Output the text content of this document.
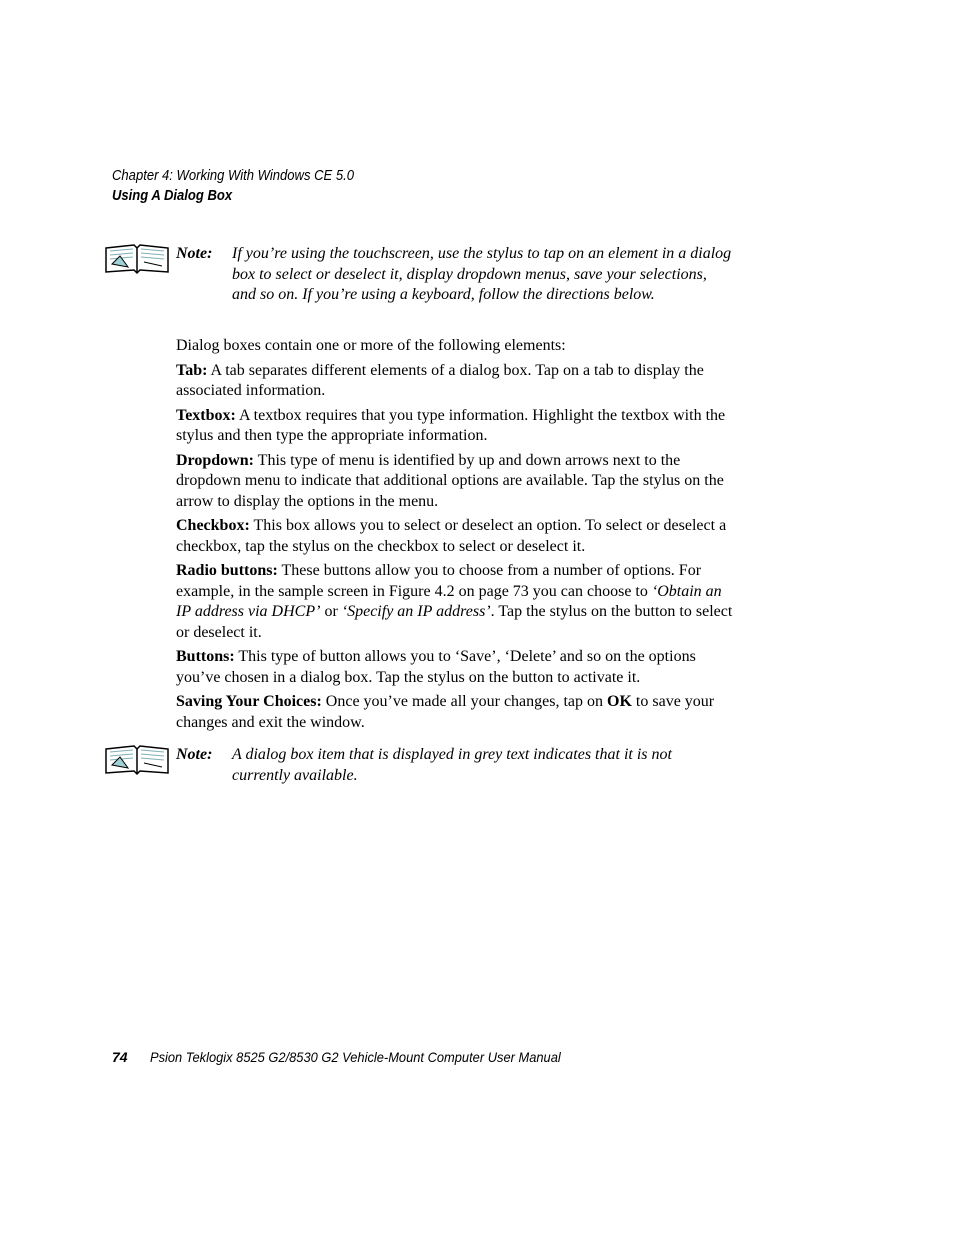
Chapter 4: Working With Windows CE 5.0
Using A Dialog Box
Note: If you’re using the touchscreen, use the stylus to tap on an element in a dialog box to select or deselect it, display dropdown menus, save your selections, and so on. If you’re using a keyboard, follow the directions below.

Dialog boxes contain one or more of the following elements:

Tab: A tab separates different elements of a dialog box. Tap on a tab to display the associated information.

Textbox: A textbox requires that you type information. Highlight the textbox with the stylus and then type the appropriate information.

Dropdown: This type of menu is identified by up and down arrows next to the dropdown menu to indicate that additional options are available. Tap the stylus on the arrow to display the options in the menu.

Checkbox: This box allows you to select or deselect an option. To select or deselect a checkbox, tap the stylus on the checkbox to select or deselect it.

Radio buttons: These buttons allow you to choose from a number of options. For example, in the sample screen in Figure 4.2 on page 73 you can choose to ‘Obtain an IP address via DHCP’ or ‘Specify an IP address’. Tap the stylus on the button to select or deselect it.

Buttons: This type of button allows you to ‘Save’, ‘Delete’ and so on the options you’ve chosen in a dialog box. Tap the stylus on the button to activate it.

Saving Your Choices: Once you’ve made all your changes, tap on OK to save your changes and exit the window.

Note: A dialog box item that is displayed in grey text indicates that it is not currently available.
74 Psion Teklogix 8525 G2/8530 G2 Vehicle-Mount Computer User Manual
